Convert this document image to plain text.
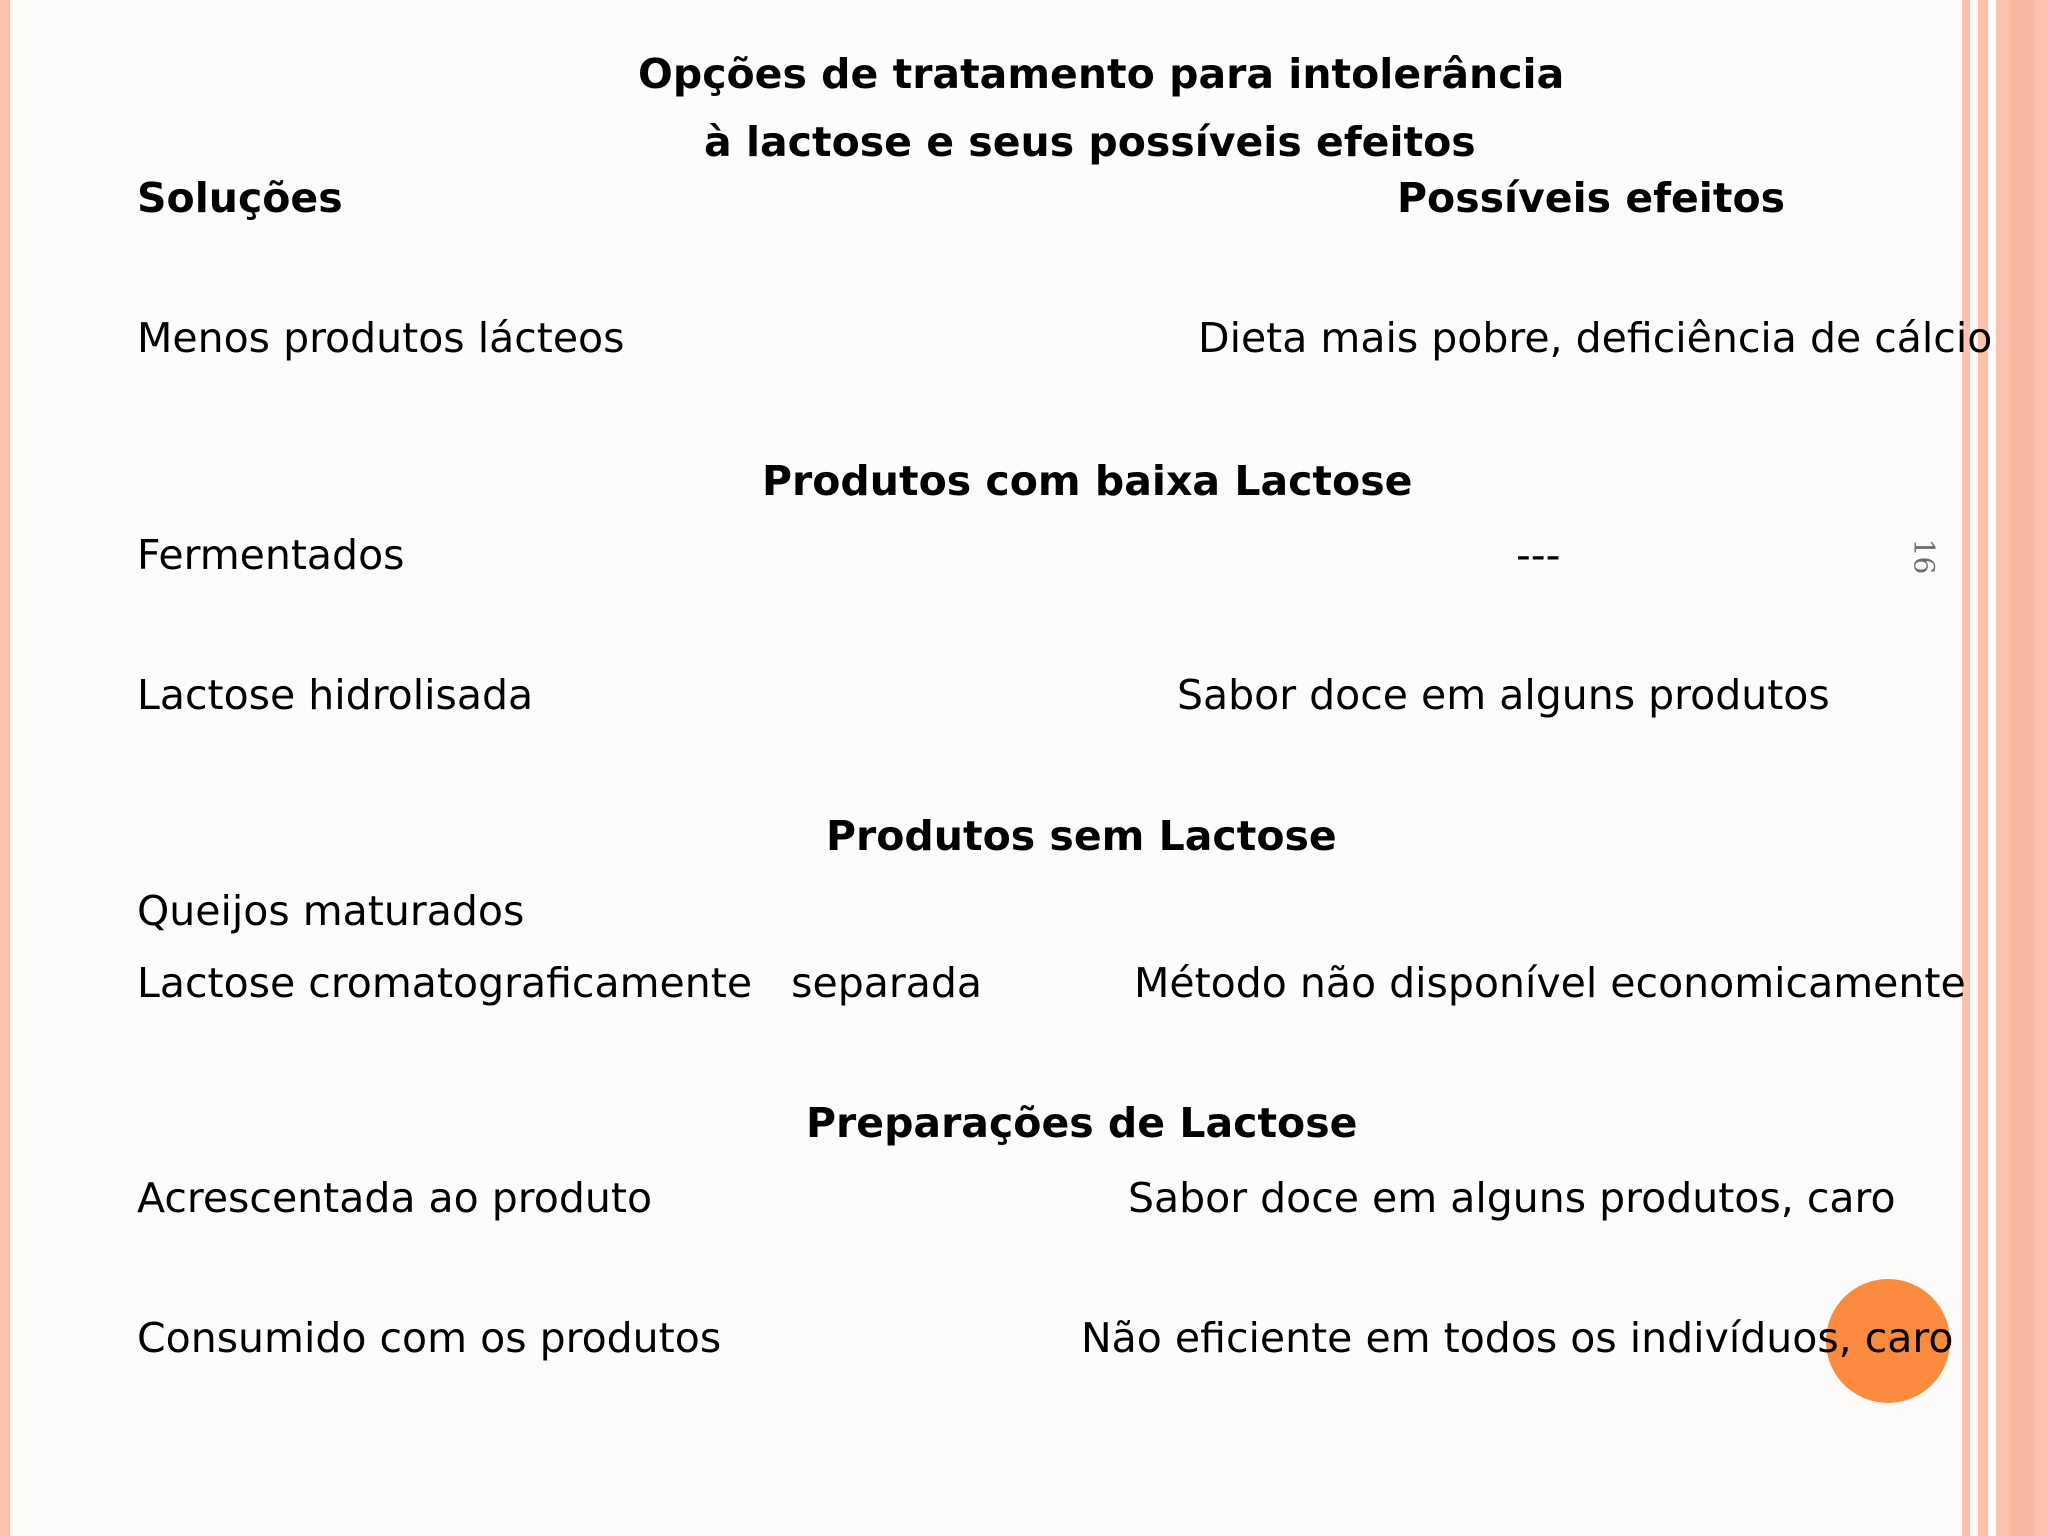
16
Opções de tratamento para intolerância
à lactose e seus possíveis efeitos
Soluções	Possíveis efeitos
Menos produtos lácteos	Dieta mais pobre, deficiência de cálcio
Produtos com baixa Lactose
Fermentados	---
Lactose hidrolisada	Sabor doce em alguns produtos
Produtos sem Lactose
Queijos maturados
Lactose cromatograficamente   separada	Método não disponível economicamente
Preparações de Lactose
Acrescentada ao produto	Sabor doce em alguns produtos, caro
Consumido com os produtos	Não eficiente em todos os indivíduos, caro
